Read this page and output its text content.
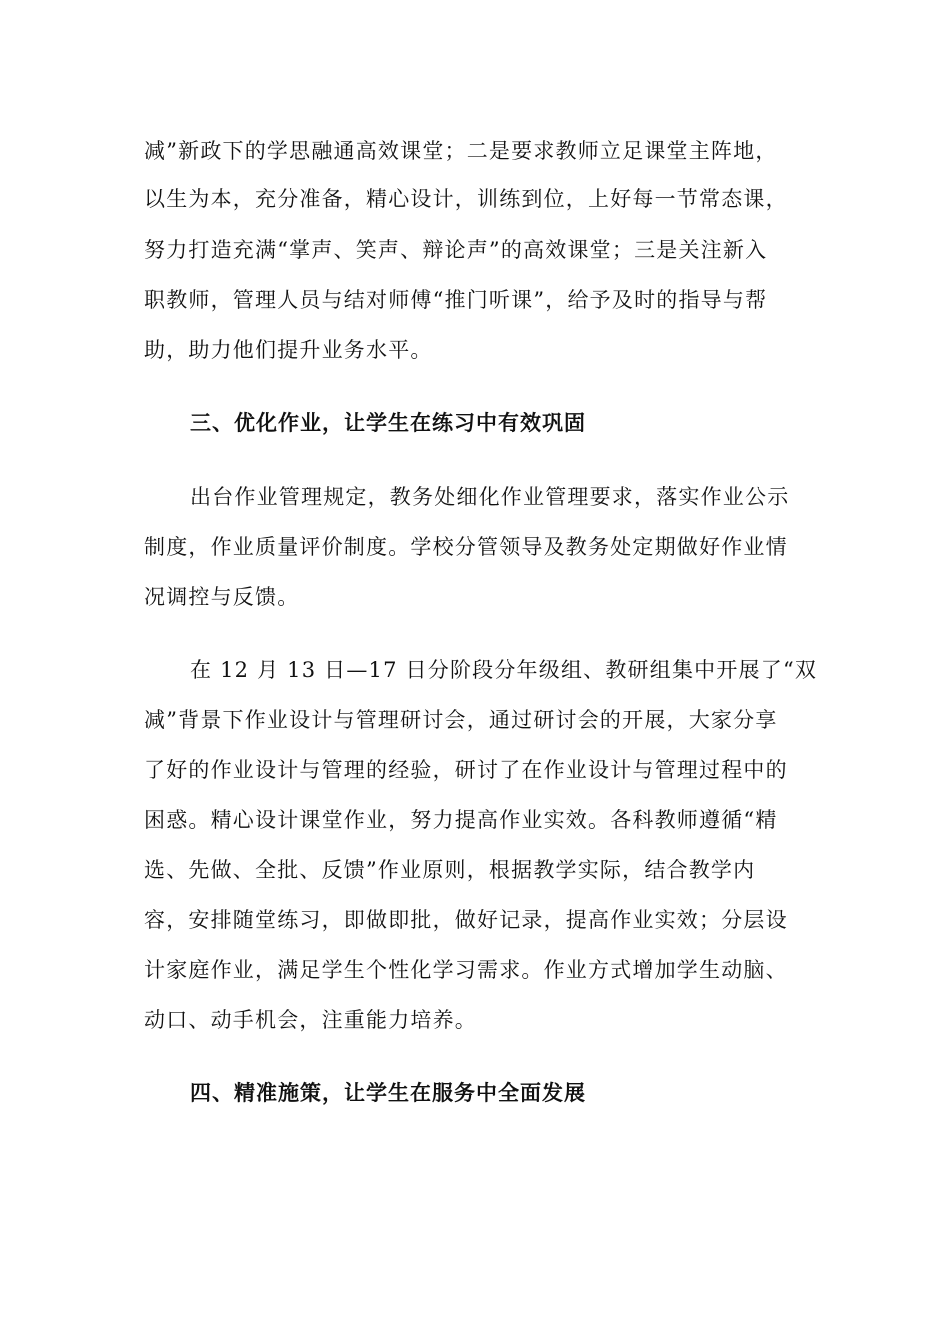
减”新政下的学思融通高效课堂；二是要求教师立足课堂主阵地，
以生为本，充分准备，精心设计，训练到位，上好每一节常态课，
努力打造充满“掌声、笑声、辩论声”的高效课堂；三是关注新入
职教师，管理人员与结对师傅“推门听课”，给予及时的指导与帮
助，助力他们提升业务水平。
三、优化作业，让学生在练习中有效巩固
出台作业管理规定，教务处细化作业管理要求，落实作业公示
制度，作业质量评价制度。学校分管领导及教务处定期做好作业情
况调控与反馈。
在 12 月 13 日—17 日分阶段分年级组、教研组集中开展了“双
减”背景下作业设计与管理研讨会，通过研讨会的开展，大家分享
了好的作业设计与管理的经验，研讨了在作业设计与管理过程中的
困惑。精心设计课堂作业，努力提高作业实效。各科教师遵循“精
选、先做、全批、反馈”作业原则，根据教学实际，结合教学内
容，安排随堂练习，即做即批，做好记录，提高作业实效；分层设
计家庭作业，满足学生个性化学习需求。作业方式增加学生动脑、
动口、动手机会，注重能力培养。
四、精准施策，让学生在服务中全面发展
